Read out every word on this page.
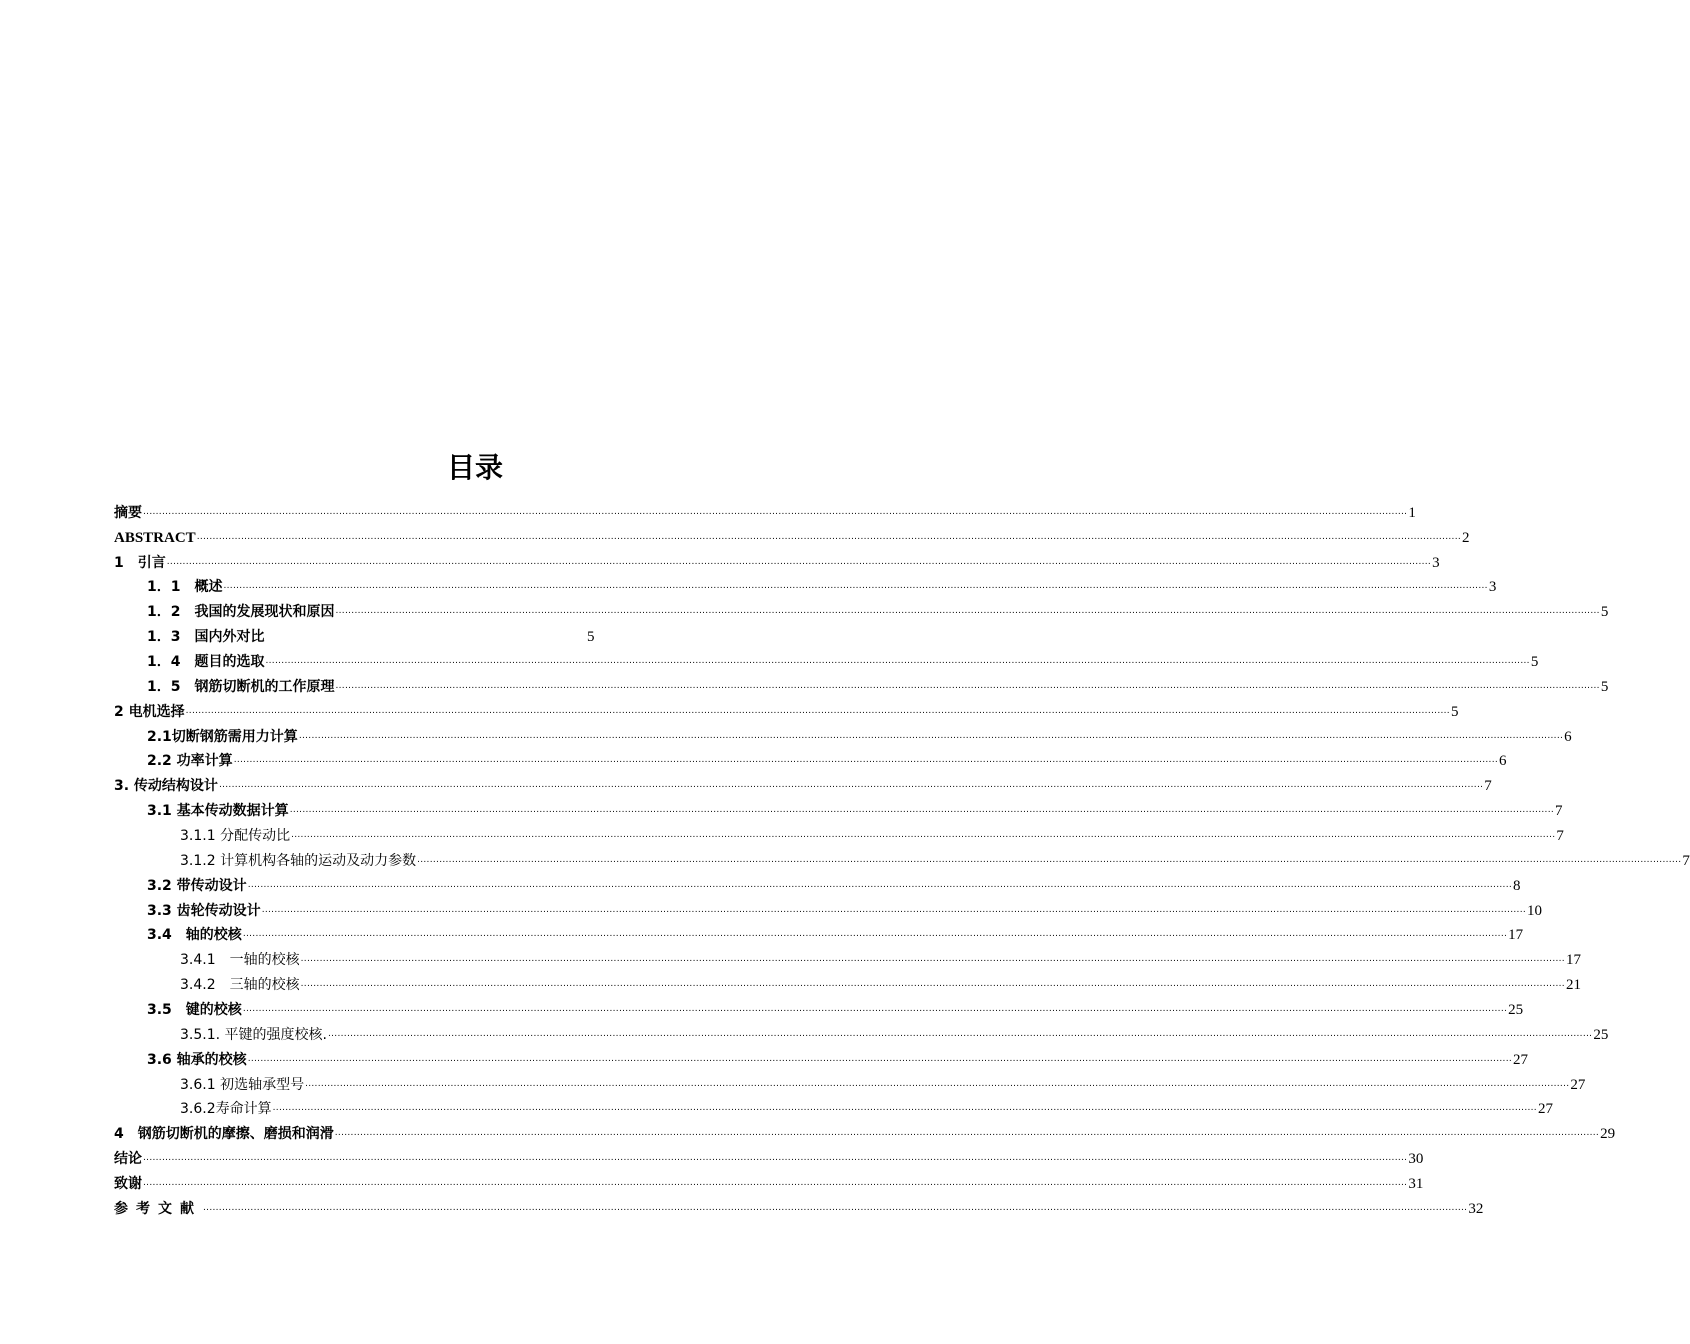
目录
摘要 ................................................................................................................................................................................................................................................................................................................................................................................................................ 1
ABSTRACT ................................................................................................................................................................................................................................................................................................................................................................................................................ 2
1　引言 ................................................................................................................................................................................................................................................................................................................................................................................................................ 3
1．1　概述 ................................................................................................................................................................................................................................................................................................................................................................................................................ 3
1．2　我国的发展现状和原因 ................................................................................................................................................................................................................................................................................................................................................................................................................ 5
1．3　国内外对比	5
1．4　题目的选取 ................................................................................................................................................................................................................................................................................................................................................................................................................ 5
1．5　钢筋切断机的工作原理 ................................................................................................................................................................................................................................................................................................................................................................................................................ 5
2 电机选择 ................................................................................................................................................................................................................................................................................................................................................................................................................ 5
2.1切断钢筋需用力计算 ................................................................................................................................................................................................................................................................................................................................................................................................................ 6
2.2 功率计算 ................................................................................................................................................................................................................................................................................................................................................................................................................ 6
3. 传动结构设计 ................................................................................................................................................................................................................................................................................................................................................................................................................ 7
3.1 基本传动数据计算 ................................................................................................................................................................................................................................................................................................................................................................................................................ 7
3.1.1 分配传动比 ................................................................................................................................................................................................................................................................................................................................................................................................................ 7
3.1.2 计算机构各轴的运动及动力参数 ................................................................................................................................................................................................................................................................................................................................................................................................................ 7
3.2 带传动设计 ................................................................................................................................................................................................................................................................................................................................................................................................................ 8
3.3 齿轮传动设计 ................................................................................................................................................................................................................................................................................................................................................................................................................ 10
3.4　轴的校核 ................................................................................................................................................................................................................................................................................................................................................................................................................ 17
3.4.1　一轴的校核 ................................................................................................................................................................................................................................................................................................................................................................................................................ 17
3.4.2　三轴的校核 ................................................................................................................................................................................................................................................................................................................................................................................................................ 21
3.5　键的校核 ................................................................................................................................................................................................................................................................................................................................................................................................................ 25
3.5.1. 平键的强度校核. ................................................................................................................................................................................................................................................................................................................................................................................................................ 25
3.6 轴承的校核 ................................................................................................................................................................................................................................................................................................................................................................................................................ 27
3.6.1 初选轴承型号 ................................................................................................................................................................................................................................................................................................................................................................................................................ 27
3.6.2寿命计算 ................................................................................................................................................................................................................................................................................................................................................................................................................ 27
4　钢筋切断机的摩擦、磨损和润滑 ................................................................................................................................................................................................................................................................................................................................................................................................................ 29
结论 ................................................................................................................................................................................................................................................................................................................................................................................................................ 30
致谢 ................................................................................................................................................................................................................................................................................................................................................................................................................ 31
参考文献 ................................................................................................................................................................................................................................................................................................................................................................................................................ 32
